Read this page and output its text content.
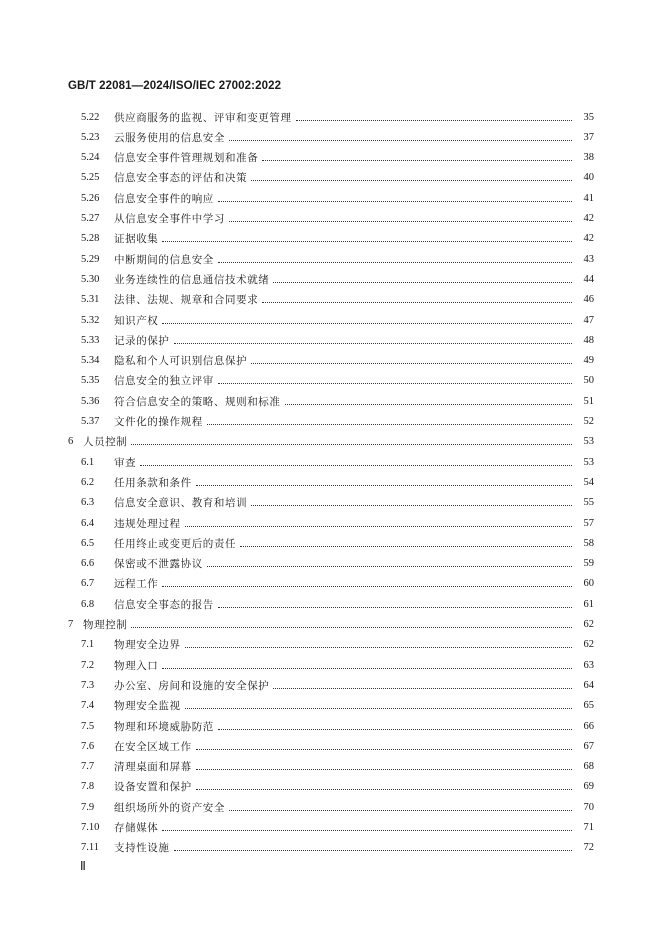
GB/T 22081—2024/ISO/IEC 27002:2022
5.22 供应商服务的监视、评审和变更管理	35
5.23 云服务使用的信息安全	37
5.24 信息安全事件管理规划和准备	38
5.25 信息安全事态的评估和决策	40
5.26 信息安全事件的响应	41
5.27 从信息安全事件中学习	42
5.28 证据收集	42
5.29 中断期间的信息安全	43
5.30 业务连续性的信息通信技术就绪	44
5.31 法律、法规、规章和合同要求	46
5.32 知识产权	47
5.33 记录的保护	48
5.34 隐私和个人可识别信息保护	49
5.35 信息安全的独立评审	50
5.36 符合信息安全的策略、规则和标准	51
5.37 文件化的操作规程	52
6 人员控制	53
6.1 审查	53
6.2 任用条款和条件	54
6.3 信息安全意识、教育和培训	55
6.4 违规处理过程	57
6.5 任用终止或变更后的责任	58
6.6 保密或不泄露协议	59
6.7 远程工作	60
6.8 信息安全事态的报告	61
7 物理控制	62
7.1 物理安全边界	62
7.2 物理入口	63
7.3 办公室、房间和设施的安全保护	64
7.4 物理安全监视	65
7.5 物理和环境威胁防范	66
7.6 在安全区域工作	67
7.7 清理桌面和屏幕	68
7.8 设备安置和保护	69
7.9 组织场所外的资产安全	70
7.10 存储媒体	71
7.11 支持性设施	72
Ⅱ
